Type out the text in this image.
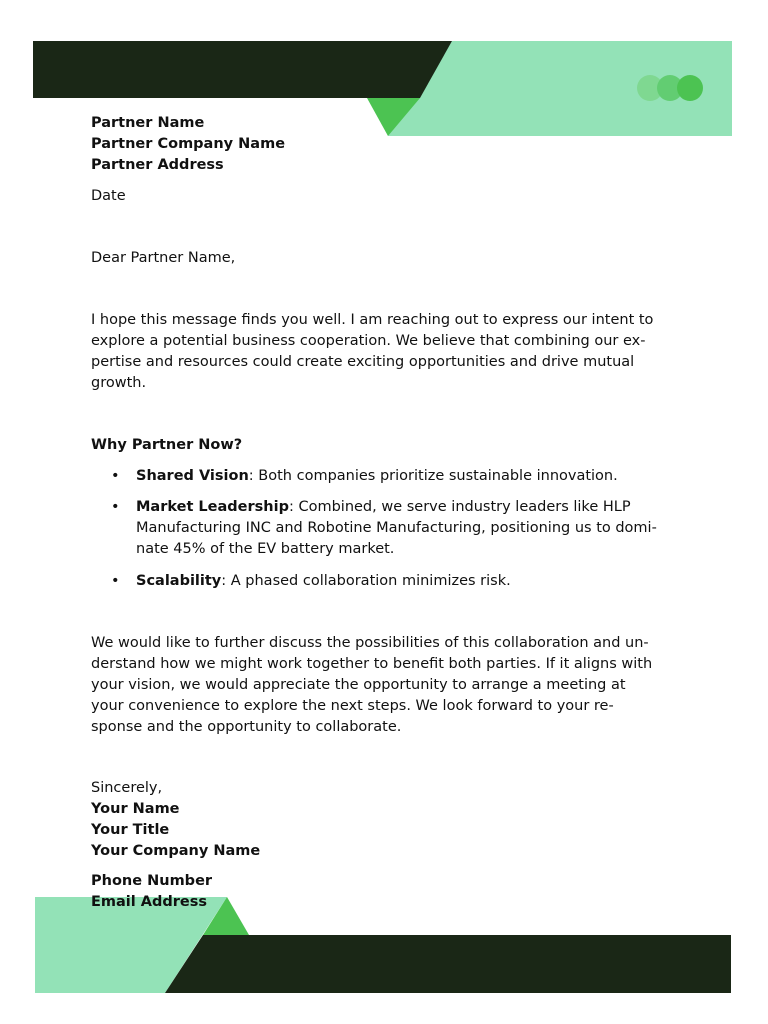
Partner Name
Partner Company Name
Partner Address
Date
Dear Partner Name,
I hope this message finds you well. I am reaching out to express our intent to
explore a potential business cooperation. We believe that combining our ex-
pertise and resources could create exciting opportunities and drive mutual
growth.
Why Partner Now?
• Shared Vision: Both companies prioritize sustainable innovation.
• Market Leadership: Combined, we serve industry leaders like HLP
Manufacturing INC and Robotine Manufacturing, positioning us to domi-
nate 45% of the EV battery market.
• Scalability: A phased collaboration minimizes risk.
We would like to further discuss the possibilities of this collaboration and un-
derstand how we might work together to benefit both parties. If it aligns with
your vision, we would appreciate the opportunity to arrange a meeting at
your convenience to explore the next steps. We look forward to your re-
sponse and the opportunity to collaborate.
Sincerely,
Your Name
Your Title
Your Company Name
Phone Number
Email Address
